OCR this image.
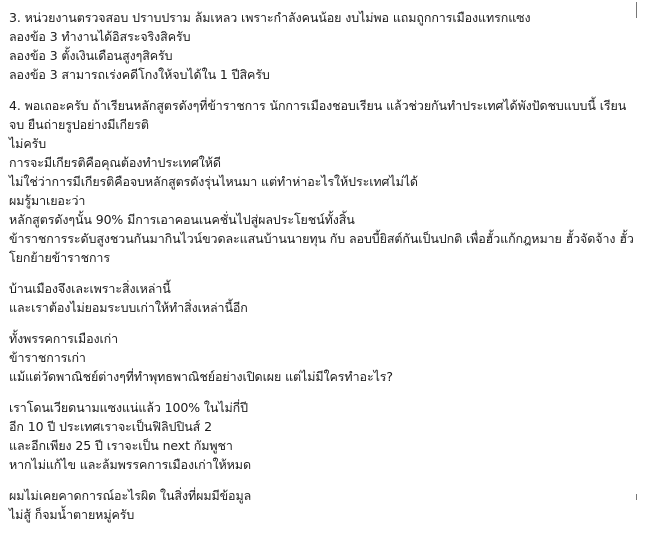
3. หน่วยงานตรวจสอบ ปราบปราม ล้มเหลว เพราะกำลังคนน้อย งบไม่พอ แถมถูกการเมืองแทรกแซง
ลองข้อ 3 ทำงานได้อิสระจริงสิครับ
ลองข้อ 3 ตั้งเงินเดือนสูงๆสิครับ
ลองข้อ 3 สามารถเร่งคดีโกงให้จบได้ใน 1 ปีสิครับ
4. พอเถอะครับ ถ้าเรียนหลักสูตรดังๆที่ข้าราชการ นักการเมืองชอบเรียน แล้วช่วยกันทำประเทศได้พังปัดชบแบบนี้ เรียนจบ ยืนถ่ายรูปอย่างมีเกียรติ
ไม่ครับ
การจะมีเกียรติคือคุณต้องทำประเทศให้ดี
ไม่ใช่ว่าการมีเกียรติคือจบหลักสูตรดังรุ่นไหนมา แต่ทำห่าอะไรให้ประเทศไม่ได้
ผมรู้มาเยอะว่า
หลักสูตรดังๆนั้น 90% มีการเอาคอนเนคชั่นไปสู่ผลประโยชน์ทั้งสิ้น
ข้าราชการระดับสูงชวนกันมากินไวน์ขวดละแสนบ้านนายทุน กับ ลอบบี้ยิสต์กันเป็นปกติ เพื่อฮั้วแก้กฎหมาย ฮั้วจัดจ้าง ฮั้วโยกย้ายข้าราชการ
บ้านเมืองจึงเละเพราะสิ่งเหล่านี้
และเราต้องไม่ยอมระบบเก่าให้ทำสิ่งเหล่านี้อีก
ทั้งพรรคการเมืองเก่า
ข้าราชการเก่า
แม้แต่วัดพาณิชย์ต่างๆที่ทำพุทธพาณิชย์อย่างเปิดเผย แต่ไม่มีใครทำอะไร?
เราโดนเวียดนามแซงแน่แล้ว 100% ในไม่กี่ปี
อีก 10 ปี ประเทศเราจะเป็นฟิลิปปินส์ 2
และอีกเพียง 25 ปี เราจะเป็น next กัมพูชา
หากไม่แก้ไข และล้มพรรคการเมืองเก่าให้หมด
ผมไม่เคยคาดการณ์อะไรผิด ในสิ่งที่ผมมีข้อมูล
ไม่สู้ ก็จมน้ำตายหมู่ครับ
